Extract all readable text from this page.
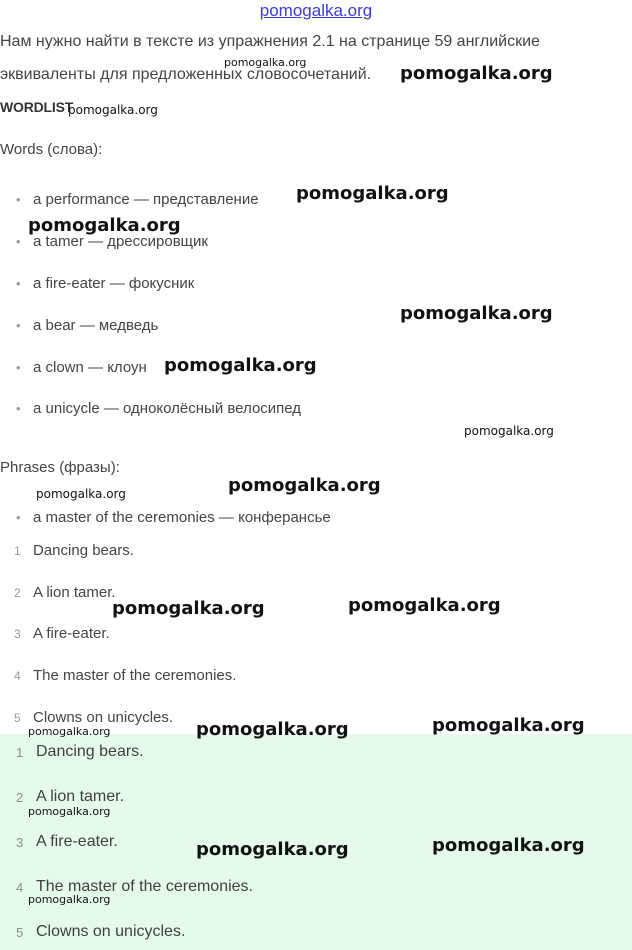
pomogalka.org
Нам нужно найти в тексте из упражнения 2.1 на странице 59 английские
эквиваленты для предложенных словосочетаний.
WORDLIST
Words (слова):
• a performance — представление
• a tamer — дрессировщик
• a fire-eater — фокусник
• a bear — медведь
• a clown — клоун
• a unicycle — одноколёсный велосипед
Phrases (фразы):
• a master of the ceremonies — конферансье
1 Dancing bears.
2 A lion tamer.
3 A fire-eater.
4 The master of the ceremonies.
5 Clowns on unicycles.
1 Dancing bears.
2 A lion tamer.
3 A fire-eater.
4 The master of the ceremonies.
5 Clowns on unicycles.
pomogalka.org
pomogalka.org
pomogalka.org
pomogalka.org
pomogalka.org
pomogalka.org
pomogalka.org
pomogalka.org
pomogalka.org
pomogalka.org
pomogalka.org	pomogalka.org
pomogalka.org	pomogalka.org	pomogalka.org
pomogalka.org
pomogalka.org	pomogalka.org
pomogalka.org
